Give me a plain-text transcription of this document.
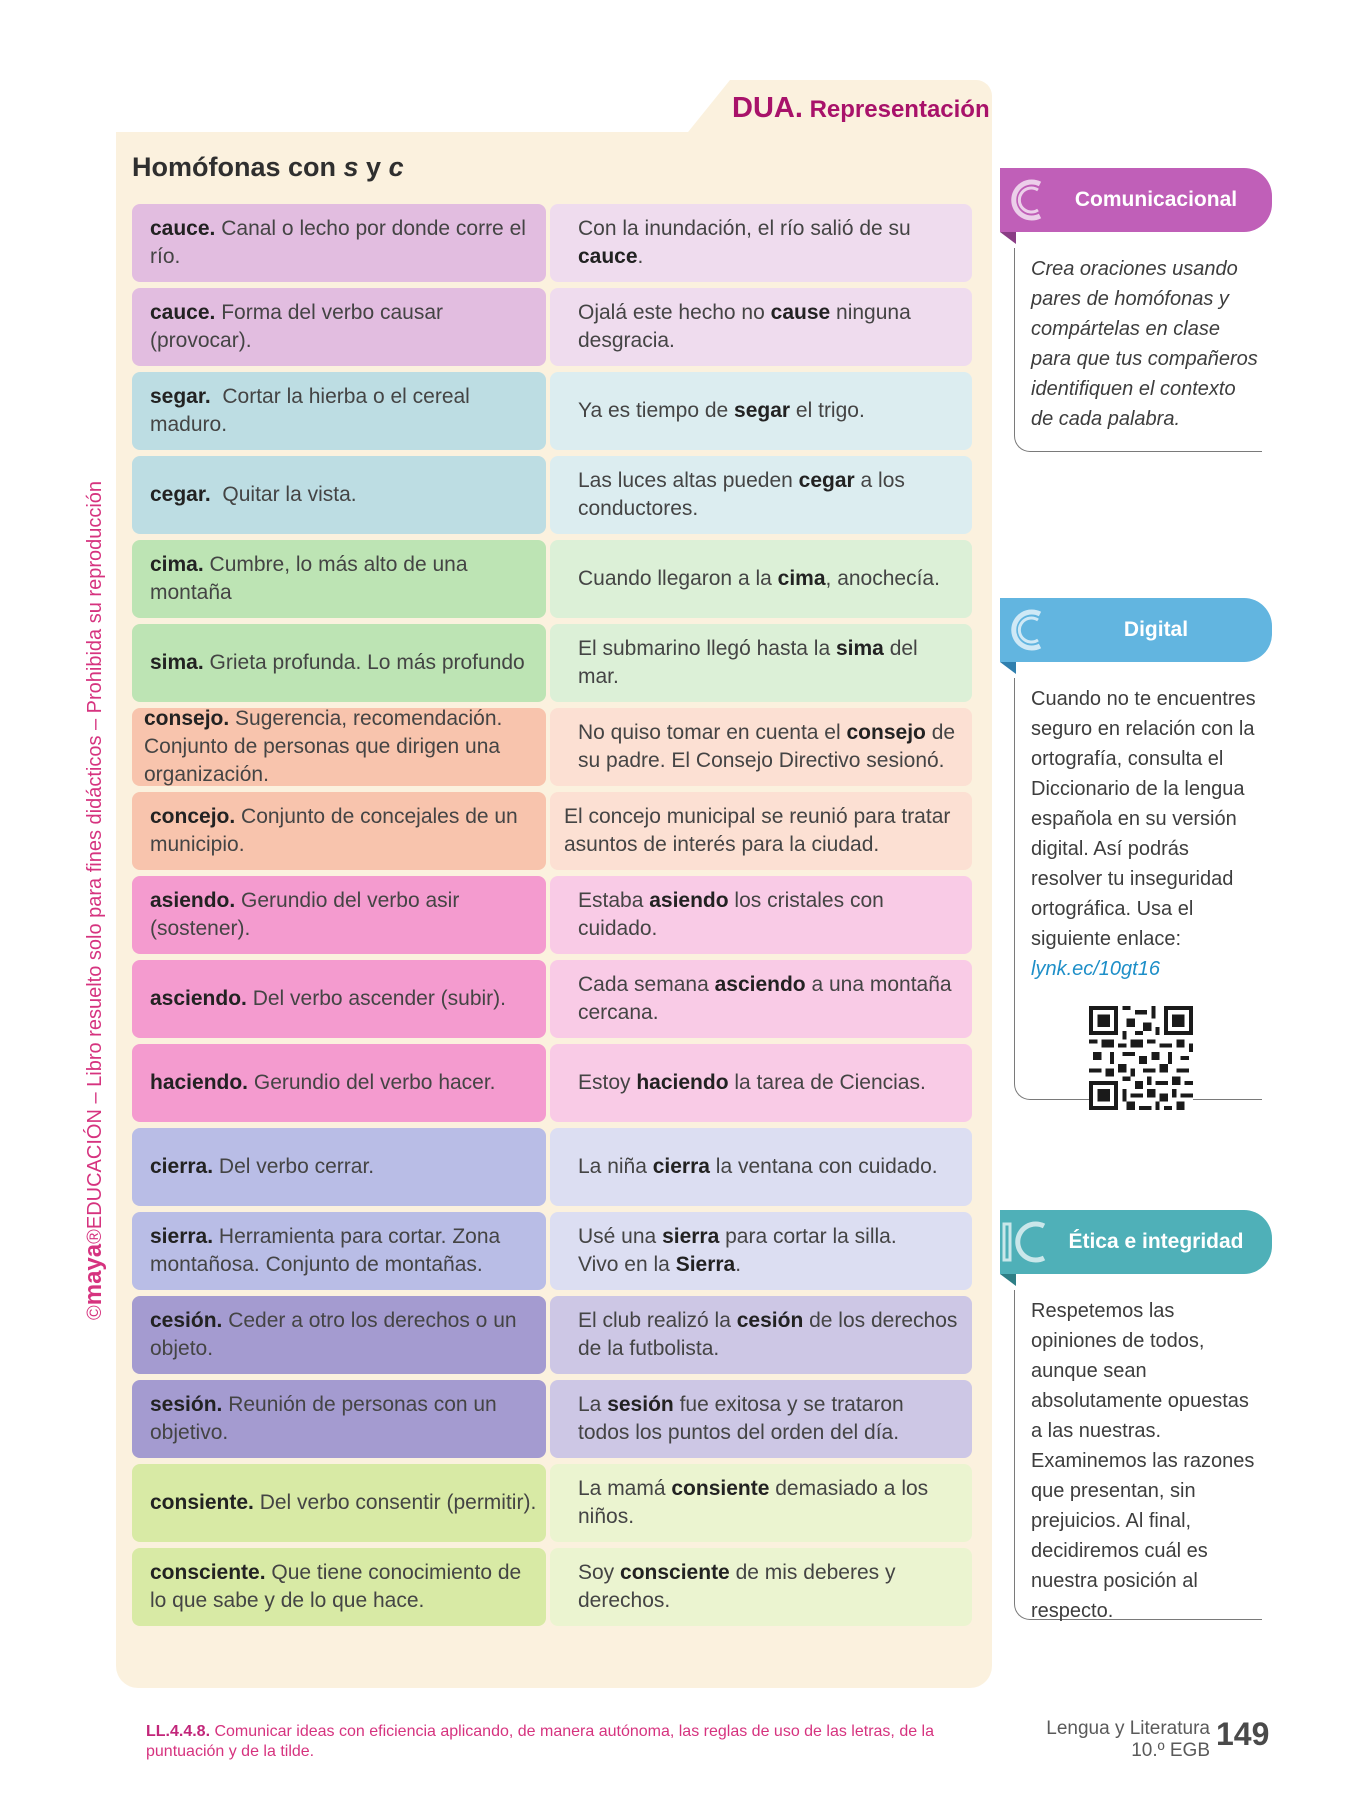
©maya®EDUCACIÓN – Libro resuelto solo para fines didácticos – Prohibida su reproducción
DUA. Representación
Homófonas con s y c
cauce. Canal o lecho por donde corre el río.
Con la inundación, el río salió de su cauce.
cauce. Forma del verbo causar (provocar).
Ojalá este hecho no cause ninguna desgracia.
segar.  Cortar la hierba o el cereal maduro.
Ya es tiempo de segar el trigo.
cegar.  Quitar la vista.
Las luces altas pueden cegar a los conductores.
cima. Cumbre, lo más alto de una montaña
Cuando llegaron a la cima, anochecía.
sima. Grieta profunda. Lo más profundo
El submarino llegó hasta la sima del mar.
consejo. Sugerencia, recomendación. Conjunto de personas que dirigen una organización.
No quiso tomar en cuenta el consejo de su padre. El Consejo Directivo sesionó.
concejo. Conjunto de concejales de un municipio.
El concejo municipal se reunió para tratar asuntos de interés para la ciudad.
asiendo. Gerundio del verbo asir (sostener).
Estaba asiendo los cristales con cuidado.
asciendo. Del verbo ascender (subir).
Cada semana asciendo a una montaña cercana.
haciendo. Gerundio del verbo hacer.	Estoy haciendo la tarea de Ciencias.
cierra. Del verbo cerrar.	La niña cierra la ventana con cuidado.
sierra. Herramienta para cortar. Zona montañosa. Conjunto de montañas.
Usé una sierra para cortar la silla.
Vivo en la Sierra.
cesión. Ceder a otro los derechos o un objeto.
El club realizó la cesión de los derechos de la futbolista.
sesión. Reunión de personas con un objetivo.
La sesión fue exitosa y se trataron todos los puntos del orden del día.
consiente. Del verbo consentir (permitir).
La mamá consiente demasiado a los niños.
consciente. Que tiene conocimiento de lo que sabe y de lo que hace.
Soy consciente de mis deberes y derechos.
Comunicacional
Crea oraciones usando pares de homófonas y compártelas en clase para que tus compañeros identifiquen el contexto de cada palabra.
Digital
Cuando no te encuentres seguro en relación con la ortografía, consulta el Diccionario de la lengua española en su versión digital. Así podrás resolver tu inseguridad ortográfica. Usa el siguiente enlace:
lynk.ec/10gt16
Ética e integridad
Respetemos las opiniones de todos, aunque sean absolutamente opuestas a las nuestras. Examinemos las razones que presentan, sin prejuicios. Al final, decidiremos cuál es nuestra posición al respecto.
LL.4.4.8. Comunicar ideas con eficiencia aplicando, de manera autónoma, las reglas de uso de las letras, de la puntuación y de la tilde.
Lengua y Literatura
10.º EGB 149
